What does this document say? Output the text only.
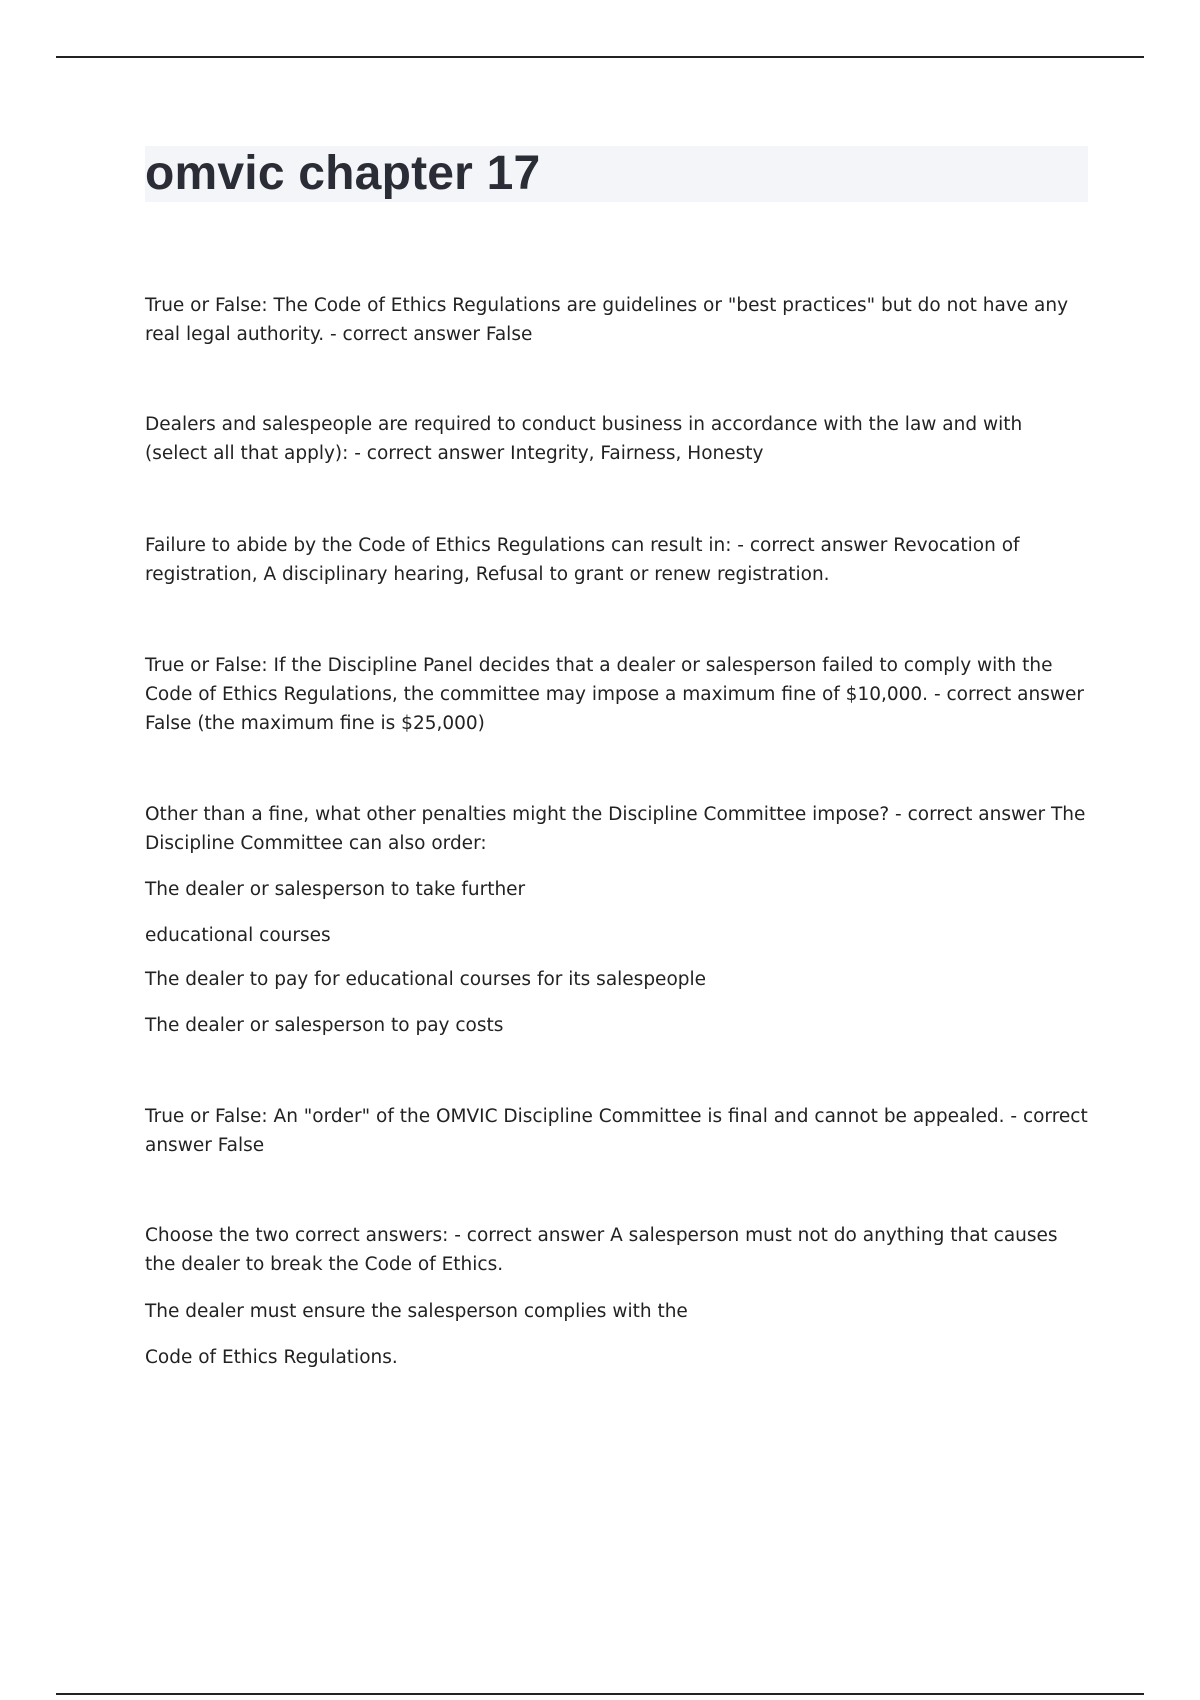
omvic chapter 17

True or False: The Code of Ethics Regulations are guidelines or "best practices" but do not have any real legal authority. - correct answer False

Dealers and salespeople are required to conduct business in accordance with the law and with (select all that apply): - correct answer Integrity, Fairness, Honesty

Failure to abide by the Code of Ethics Regulations can result in: - correct answer Revocation of registration, A disciplinary hearing, Refusal to grant or renew registration.

True or False: If the Discipline Panel decides that a dealer or salesperson failed to comply with the Code of Ethics Regulations, the committee may impose a maximum fine of $10,000. - correct answer False (the maximum fine is $25,000)

Other than a fine, what other penalties might the Discipline Committee impose? - correct answer The Discipline Committee can also order:

The dealer or salesperson to take further

educational courses

The dealer to pay for educational courses for its salespeople

The dealer or salesperson to pay costs

True or False: An "order" of the OMVIC Discipline Committee is final and cannot be appealed. - correct answer False

Choose the two correct answers: - correct answer A salesperson must not do anything that causes the dealer to break the Code of Ethics.

The dealer must ensure the salesperson complies with the

Code of Ethics Regulations.
